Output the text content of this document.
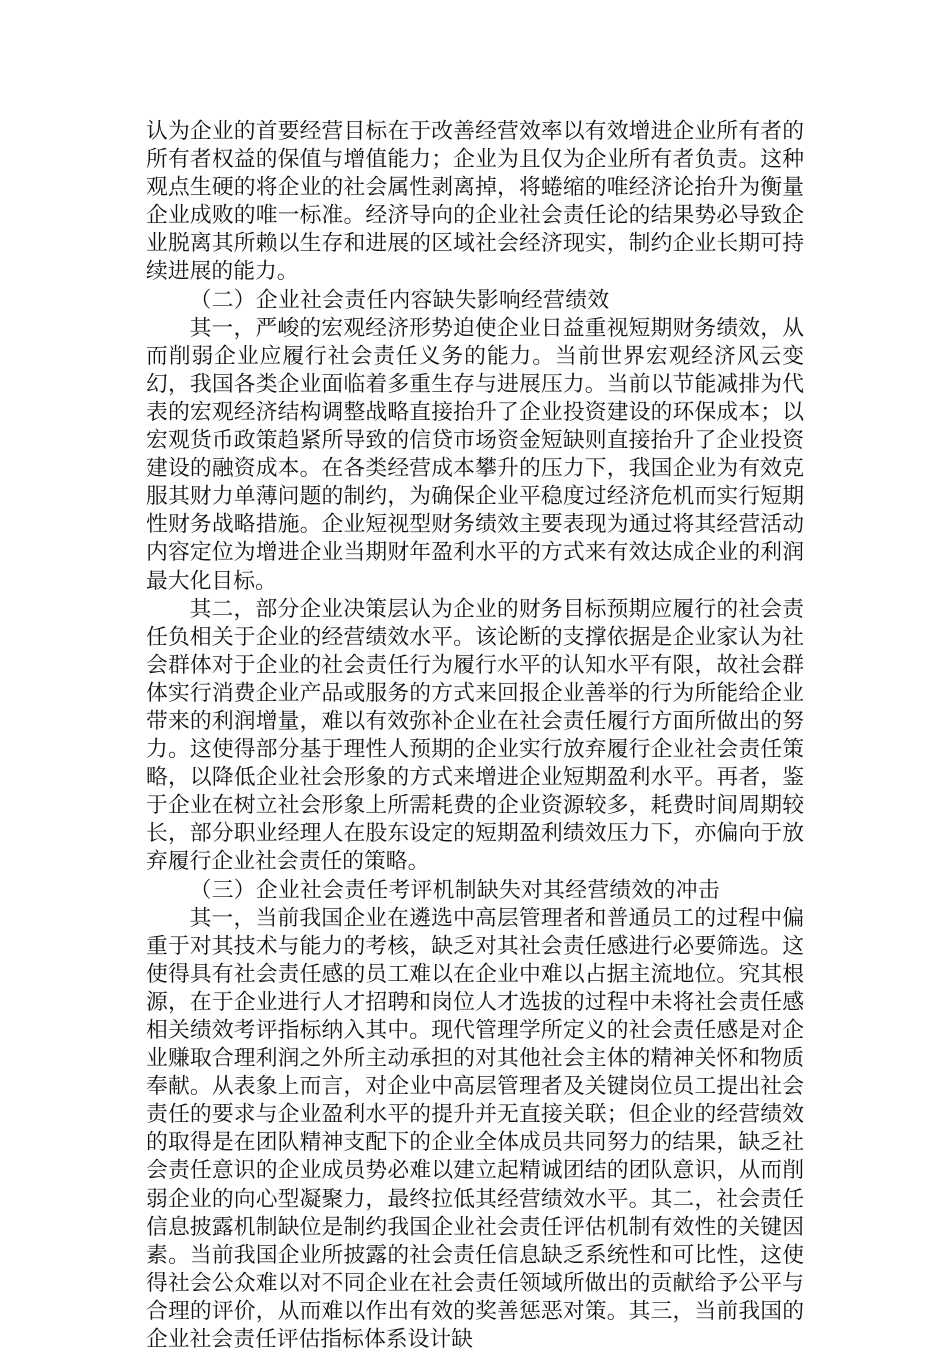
认为企业的首要经营目标在于改善经营效率以有效增进企业所有者的所有者权益的保值与增值能力；企业为且仅为企业所有者负责。这种观点生硬的将企业的社会属性剥离掉，将蜷缩的唯经济论抬升为衡量企业成败的唯一标准。经济导向的企业社会责任论的结果势必导致企业脱离其所赖以生存和进展的区域社会经济现实，制约企业长期可持续进展的能力。

（二）企业社会责任内容缺失影响经营绩效

其一，严峻的宏观经济形势迫使企业日益重视短期财务绩效，从而削弱企业应履行社会责任义务的能力。当前世界宏观经济风云变幻，我国各类企业面临着多重生存与进展压力。当前以节能减排为代表的宏观经济结构调整战略直接抬升了企业投资建设的环保成本；以宏观货币政策趋紧所导致的信贷市场资金短缺则直接抬升了企业投资建设的融资成本。在各类经营成本攀升的压力下，我国企业为有效克服其财力单薄问题的制约，为确保企业平稳度过经济危机而实行短期性财务战略措施。企业短视型财务绩效主要表现为通过将其经营活动内容定位为增进企业当期财年盈利水平的方式来有效达成企业的利润最大化目标。

其二，部分企业决策层认为企业的财务目标预期应履行的社会责任负相关于企业的经营绩效水平。该论断的支撑依据是企业家认为社会群体对于企业的社会责任行为履行水平的认知水平有限，故社会群体实行消费企业产品或服务的方式来回报企业善举的行为所能给企业带来的利润增量，难以有效弥补企业在社会责任履行方面所做出的努力。这使得部分基于理性人预期的企业实行放弃履行企业社会责任策略，以降低企业社会形象的方式来增进企业短期盈利水平。再者，鉴于企业在树立社会形象上所需耗费的企业资源较多，耗费时间周期较长，部分职业经理人在股东设定的短期盈利绩效压力下，亦偏向于放弃履行企业社会责任的策略。

（三）企业社会责任考评机制缺失对其经营绩效的冲击

其一，当前我国企业在遴选中高层管理者和普通员工的过程中偏重于对其技术与能力的考核，缺乏对其社会责任感进行必要筛选。这使得具有社会责任感的员工难以在企业中难以占据主流地位。究其根源，在于企业进行人才招聘和岗位人才选拔的过程中未将社会责任感相关绩效考评指标纳入其中。现代管理学所定义的社会责任感是对企业赚取合理利润之外所主动承担的对其他社会主体的精神关怀和物质奉献。从表象上而言，对企业中高层管理者及关键岗位员工提出社会责任的要求与企业盈利水平的提升并无直接关联；但企业的经营绩效的取得是在团队精神支配下的企业全体成员共同努力的结果，缺乏社会责任意识的企业成员势必难以建立起精诚团结的团队意识，从而削弱企业的向心型凝聚力，最终拉低其经营绩效水平。其二，社会责任信息披露机制缺位是制约我国企业社会责任评估机制有效性的关键因素。当前我国企业所披露的社会责任信息缺乏系统性和可比性，这使得社会公众难以对不同企业在社会责任领域所做出的贡献给予公平与合理的评价，从而难以作出有效的奖善惩恶对策。其三，当前我国的企业社会责任评估指标体系设计缺
